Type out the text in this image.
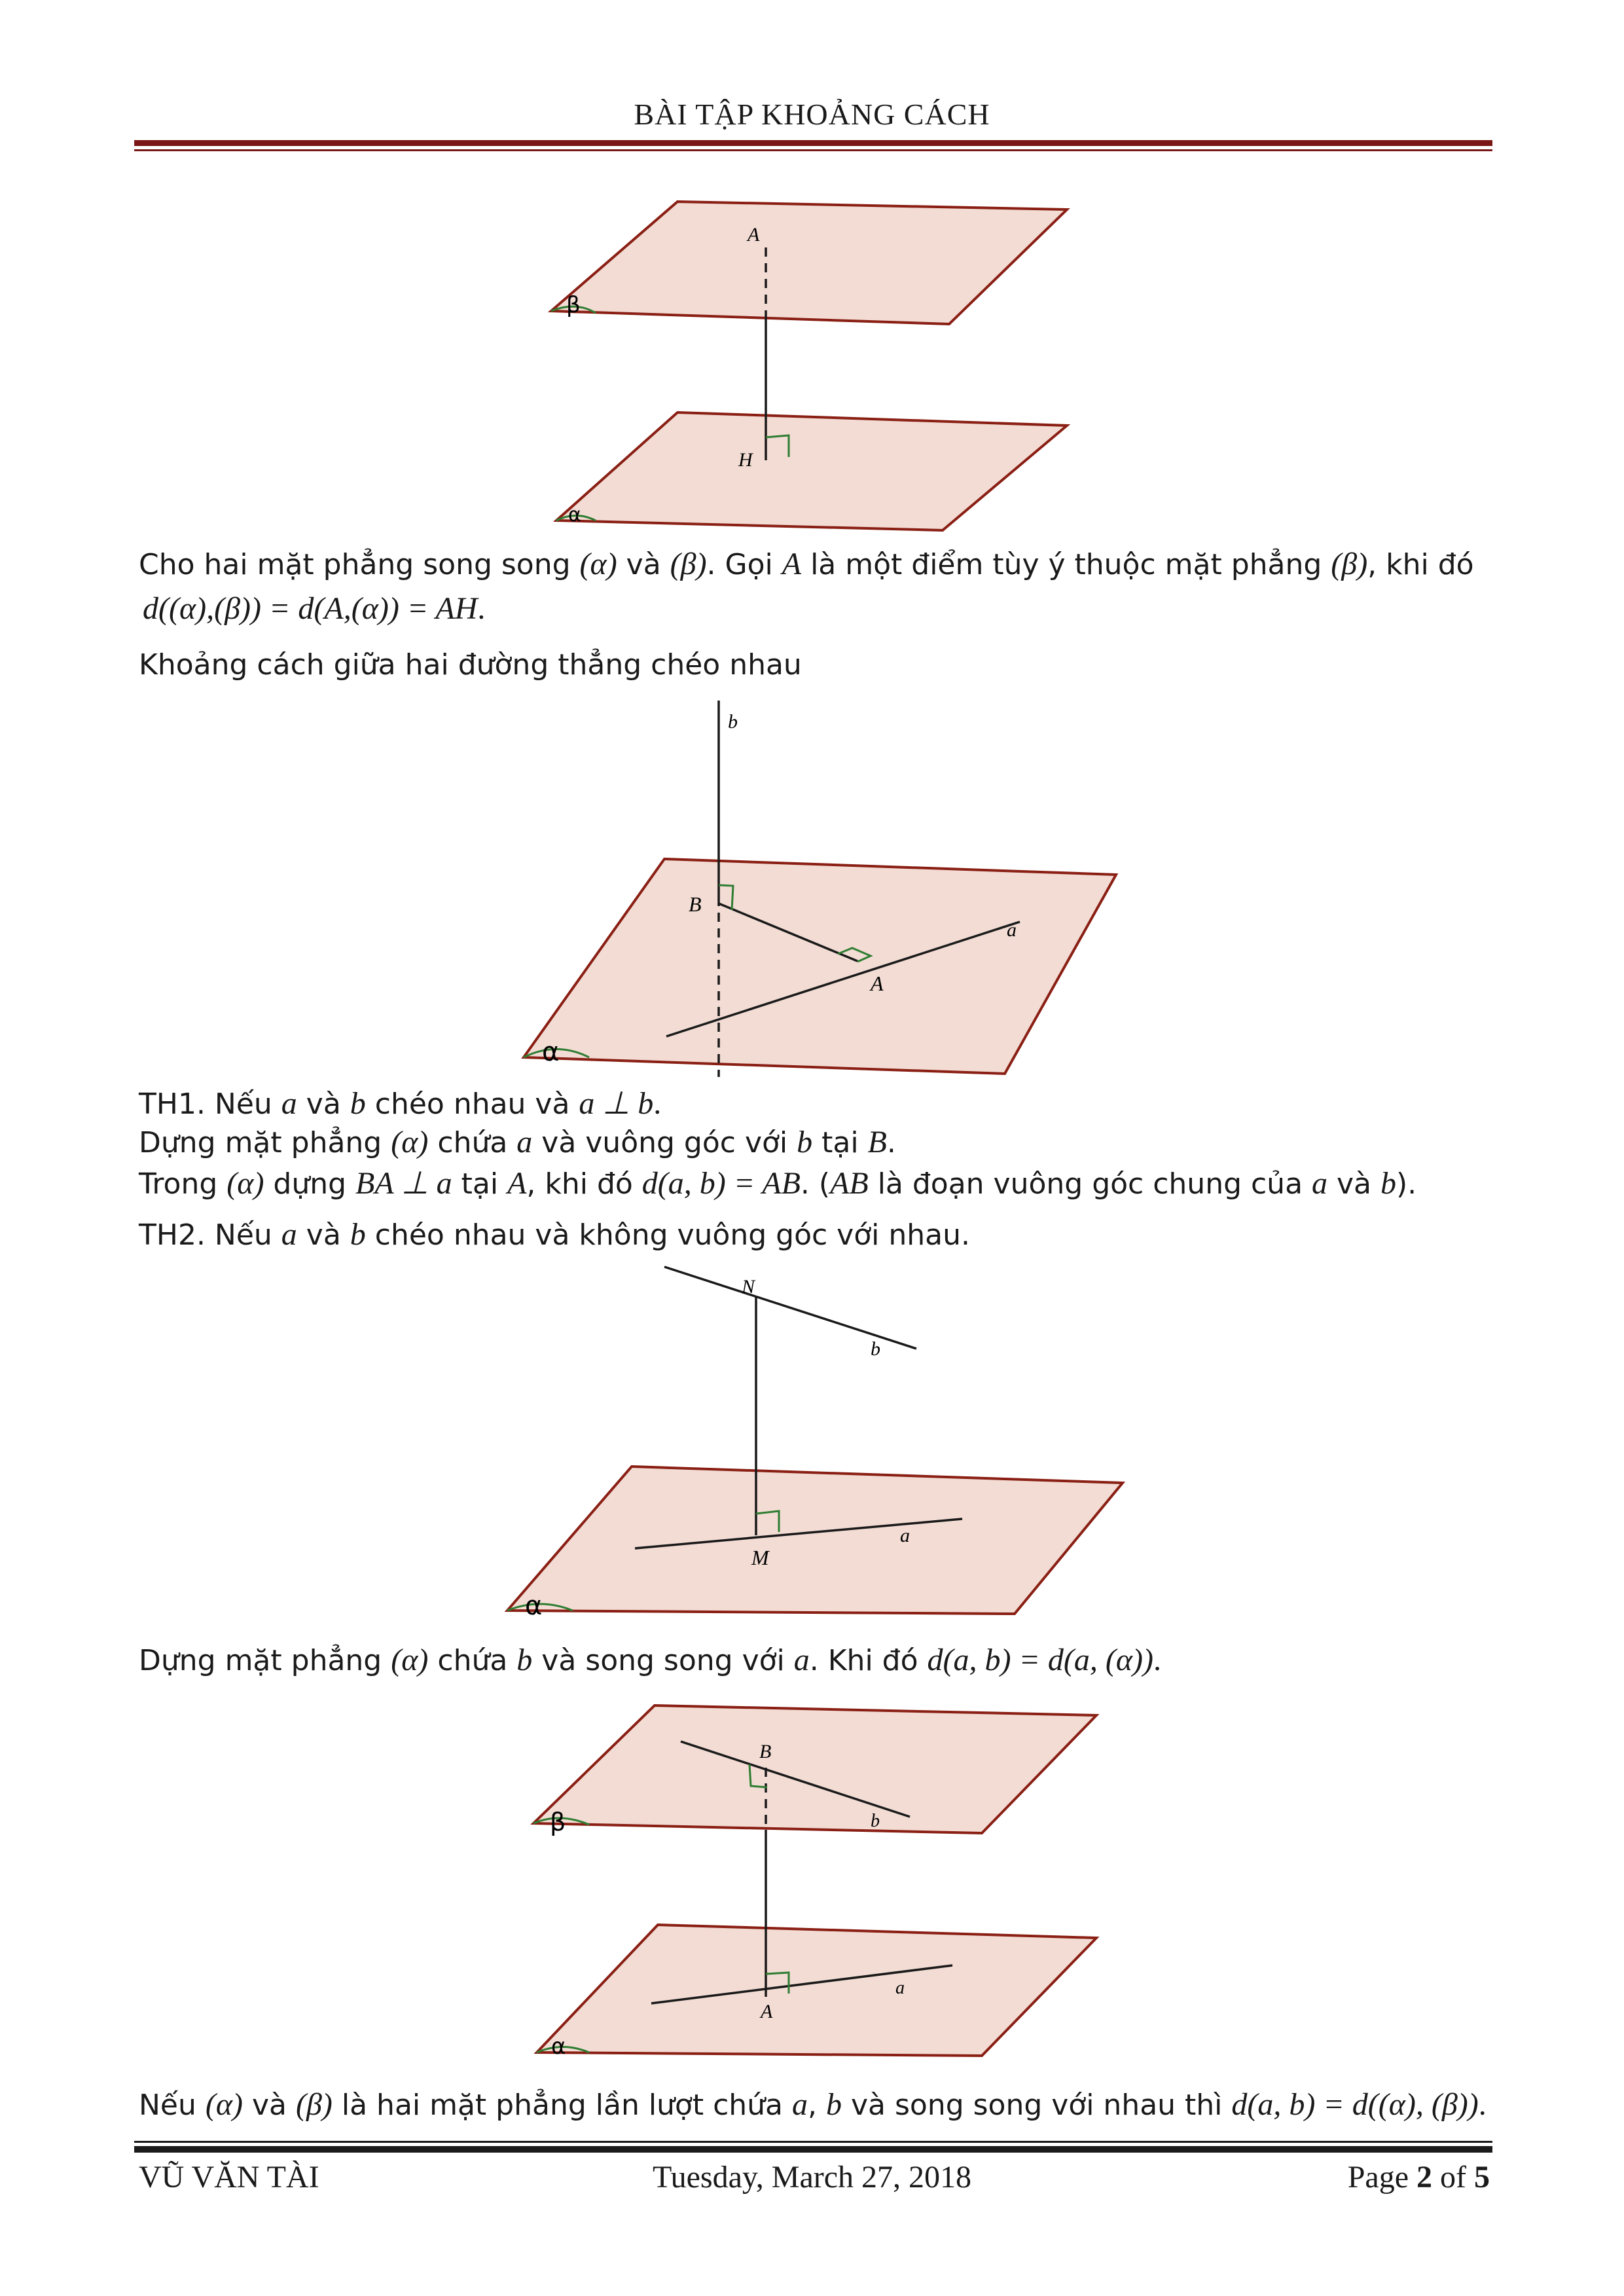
BÀI TẬP KHOẢNG CÁCH
β
α
A
H
Cho hai mặt phẳng song song (α) và (β). Gọi A là một điểm tùy ý thuộc mặt phẳng (β), khi đó
d((α),(β)) = d(A,(α)) = AH.
Khoảng cách giữa hai đường thẳng chéo nhau
α
b
B
A
a
TH1. Nếu a và b chéo nhau và a ⊥ b.
Dựng mặt phẳng (α) chứa a và vuông góc với b tại B.
Trong (α) dựng BA ⊥ a tại A, khi đó d(a, b) = AB. (AB là đoạn vuông góc chung của a và b).
TH2. Nếu a và b chéo nhau và không vuông góc với nhau.
α
N
b
M
a
Dựng mặt phẳng (α) chứa b và song song với a. Khi đó d(a, b) = d(a, (α)).
β
α
B
b
A
a
Nếu (α) và (β) là hai mặt phẳng lần lượt chứa a, b và song song với nhau thì d(a, b) = d((α), (β)).
VŨ VĂN TÀI	Tuesday, March 27, 2018	Page 2 of 5
